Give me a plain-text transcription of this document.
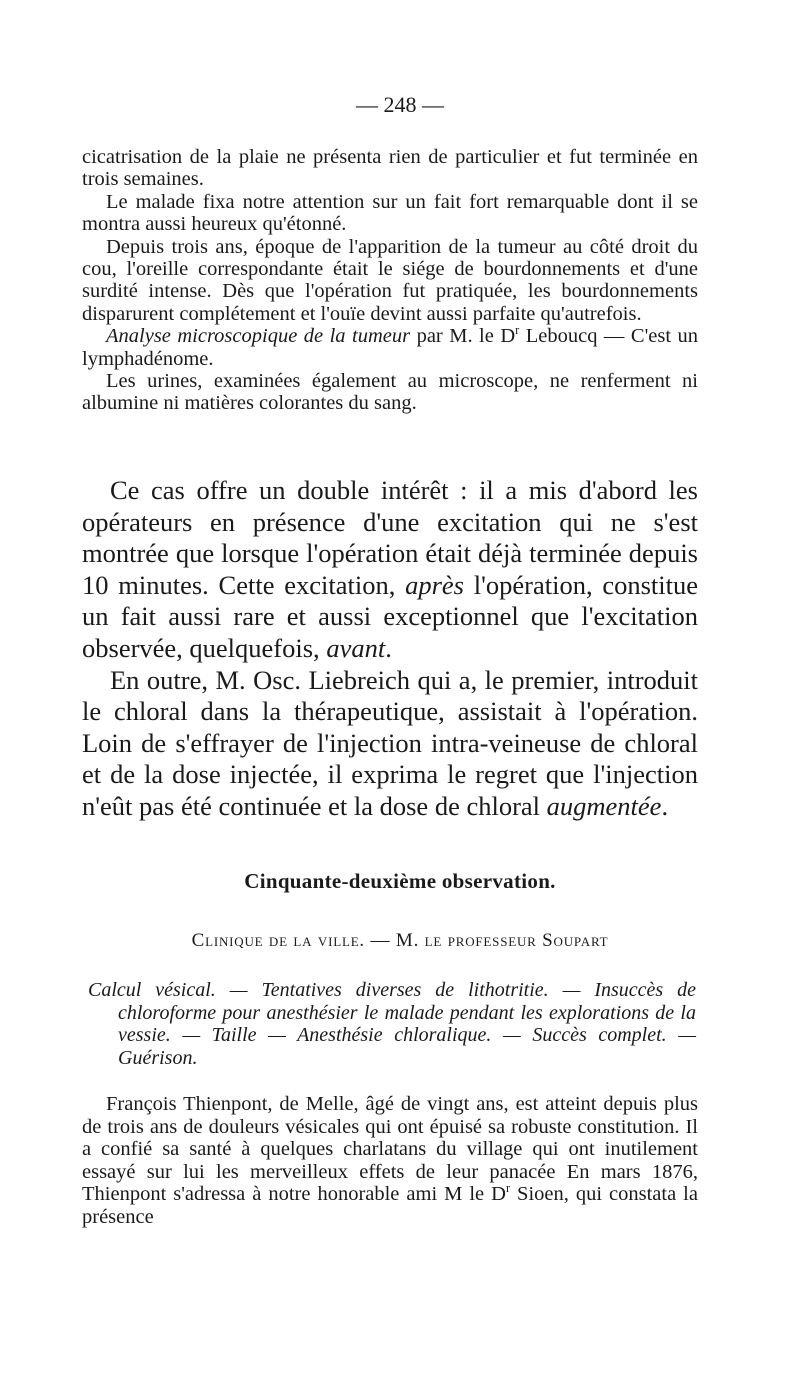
— 248 —

cicatrisation de la plaie ne présenta rien de particulier et fut terminée en trois semaines.

Le malade fixa notre attention sur un fait fort remarquable dont il se montra aussi heureux qu'étonné.

Depuis trois ans, époque de l'apparition de la tumeur au côté droit du cou, l'oreille correspondante était le siége de bourdonnements et d'une surdité intense. Dès que l'opération fut pratiquée, les bourdonnements disparurent complétement et l'ouïe devint aussi parfaite qu'autrefois.

Analyse microscopique de la tumeur par M. le $D^r$ Leboucq — C'est un lymphadénome.

Les urines, examinées également au microscope, ne renferment ni albumine ni matières colorantes du sang.

Ce cas offre un double intérêt : il a mis d'abord les opérateurs en présence d'une excitation qui ne s'est montrée que lorsque l'opération était déjà terminée depuis 10 minutes. Cette excitation, après l'opération, constitue un fait aussi rare et aussi exceptionnel que l'excitation observée, quelquefois, avant.

En outre, M. Osc. Liebreich qui a, le premier, introduit le chloral dans la thérapeutique, assistait à l'opération. Loin de s'effrayer de l'injection intra-veineuse de chloral et de la dose injectée, il exprima le regret que l'injection n'eût pas été continuée et la dose de chloral augmentée.

Cinquante-deuxième observation.
Clinique de la ville. — M. le professeur Soupart
Calcul vésical. — Tentatives diverses de lithotritie. — Insuccès de chloroforme pour anesthésier le malade pendant les explorations de la vessie. — Taille — Anesthésie chloralique. — Succès complet. — Guérison.

François Thienpont, de Melle, âgé de vingt ans, est atteint depuis plus de trois ans de douleurs vésicales qui ont épuisé sa robuste constitution. Il a confié sa santé à quelques charlatans du village qui ont inutilement essayé sur lui les merveilleux effets de leur panacée En mars 1876, Thienpont s'adressa à notre honorable ami M le $D^r$ Sioen, qui constata la présence
